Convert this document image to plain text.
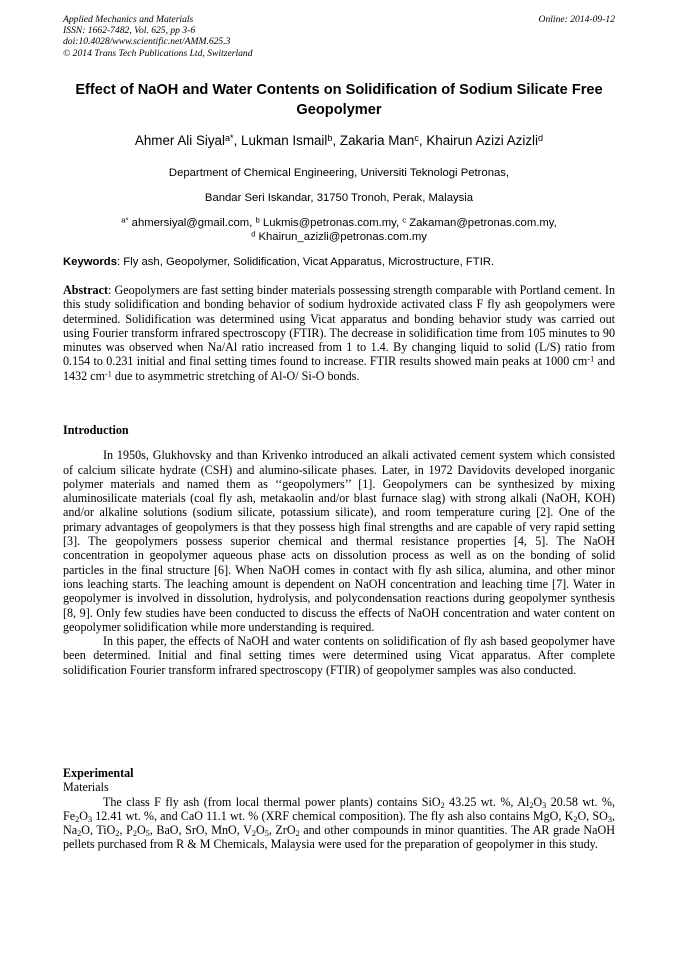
Applied Mechanics and Materials
ISSN: 1662-7482, Vol. 625, pp 3-6
doi:10.4028/www.scientific.net/AMM.625.3
© 2014 Trans Tech Publications Ltd, Switzerland
Online: 2014-09-12
Effect of NaOH and Water Contents on Solidification of Sodium Silicate Free Geopolymer
Ahmer Ali Siyal$^{a*}$, Lukman Ismail$^b$, Zakaria Man$^c$, Khairun Azizi Azizli$^d$
Department of Chemical Engineering, Universiti Teknologi Petronas,
Bandar Seri Iskandar, 31750 Tronoh, Perak, Malaysia
$^{a*}$ ahmersiyal@gmail.com, $^b$ Lukmis@petronas.com.my, $^c$ Zakaman@petronas.com.my,
$^d$ Khairun_azizli@petronas.com.my
Keywords: Fly ash, Geopolymer, Solidification, Vicat Apparatus, Microstructure, FTIR.

Abstract: Geopolymers are fast setting binder materials possessing strength comparable with Portland cement. In this study solidification and bonding behavior of sodium hydroxide activated class F fly ash geopolymers were determined. Solidification was determined using Vicat apparatus and bonding behavior study was carried out using Fourier transform infrared spectroscopy (FTIR). The decrease in solidification time from 105 minutes to 90 minutes was observed when Na/Al ratio increased from 1 to 1.4. By changing liquid to solid (L/S) ratio from 0.154 to 0.231 initial and final setting times found to increase. FTIR results showed main peaks at 1000 $cm^{-1}$ and 1432 $cm^{-1}$ due to asymmetric stretching of Al-O/ Si-O bonds.

Introduction

In 1950s, Glukhovsky and than Krivenko introduced an alkali activated cement system which consisted of calcium silicate hydrate (CSH) and alumino-silicate phases. Later, in 1972 Davidovits developed inorganic polymer materials and named them as ‘‘geopolymers’’ [1]. Geopolymers can be synthesized by mixing aluminosilicate materials (coal fly ash, metakaolin and/or blast furnace slag) with strong alkali (NaOH, KOH) and/or alkaline solutions (sodium silicate, potassium silicate), and room temperature curing [2]. One of the primary advantages of geopolymers is that they possess high final strengths and are capable of very rapid setting [3]. The geopolymers possess superior chemical and thermal resistance properties [4, 5]. The NaOH concentration in geopolymer aqueous phase acts on dissolution process as well as on the bonding of solid particles in the final structure [6]. When NaOH comes in contact with fly ash silica, alumina, and other minor ions leaching starts. The leaching amount is dependent on NaOH concentration and leaching time [7]. Water in geopolymer is involved in dissolution, hydrolysis, and polycondensation reactions during geopolymer synthesis [8, 9]. Only few studies have been conducted to discuss the effects of NaOH concentration and water content on geopolymer solidification while more understanding is required.

In this paper, the effects of NaOH and water contents on solidification of fly ash based geopolymer have been determined. Initial and final setting times were determined using Vicat apparatus. After complete solidification Fourier transform infrared spectroscopy (FTIR) of geopolymer samples was also conducted.

Experimental

Materials

The class F fly ash (from local thermal power plants) contains SiO$_2$ 43.25 wt. %, $Al_2O_3$ 20.58 wt. %, $Fe_2O_3$ 12.41 wt. %, and CaO 11.1 wt. % (XRF chemical composition). The fly ash also contains MgO, $K_2O$, $SO_3$, $Na_2O$, TiO$_2$, $P_2O_5$, BaO, SrO, MnO, $V_2O_5$, ZrO$_2$ and other compounds in minor quantities. The AR grade NaOH pellets purchased from R & M Chemicals, Malaysia were used for the preparation of geopolymer in this study.
